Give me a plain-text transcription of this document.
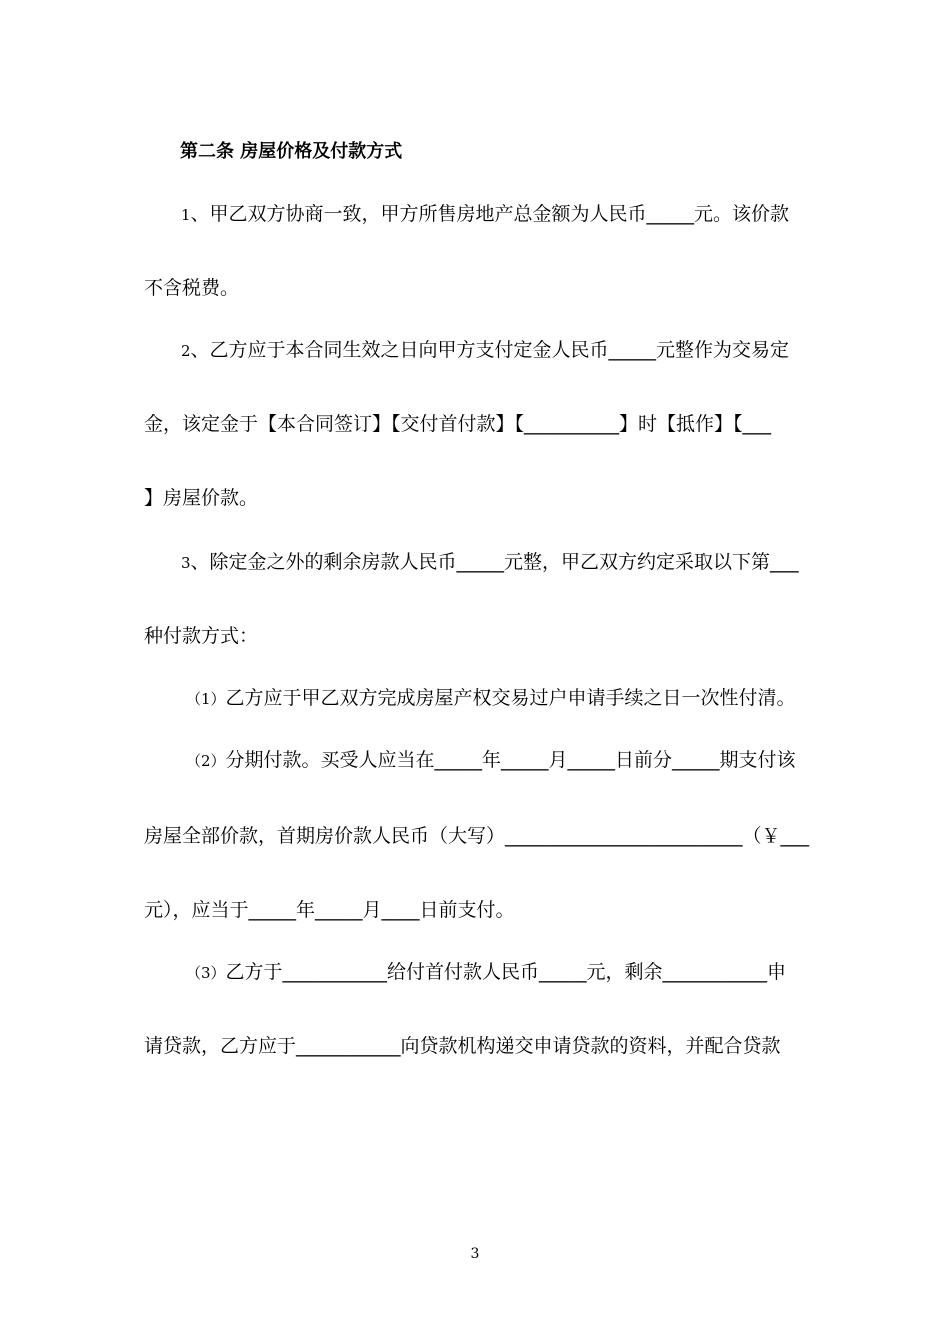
第二条 房屋价格及付款方式
1、甲乙双方协商一致，甲方所售房地产总金额为人民币_____元。该价款
不含税费。
2、乙方应于本合同生效之日向甲方支付定金人民币_____元整作为交易定
金，该定金于【本合同签订】【交付首付款】【__________】时【抵作】【___
】房屋价款。
3、除定金之外的剩余房款人民币_____元整，甲乙双方约定采取以下第___
种付款方式：
（1）乙方应于甲乙双方完成房屋产权交易过户申请手续之日一次性付清。
（2）分期付款。买受人应当在_____年_____月_____日前分_____期支付该
房屋全部价款，首期房价款人民币（大写）_________________________（￥___
元），应当于_____年_____月____日前支付。
（3）乙方于___________给付首付款人民币_____元，剩余___________申
请贷款，乙方应于___________向贷款机构递交申请贷款的资料，并配合贷款
3
